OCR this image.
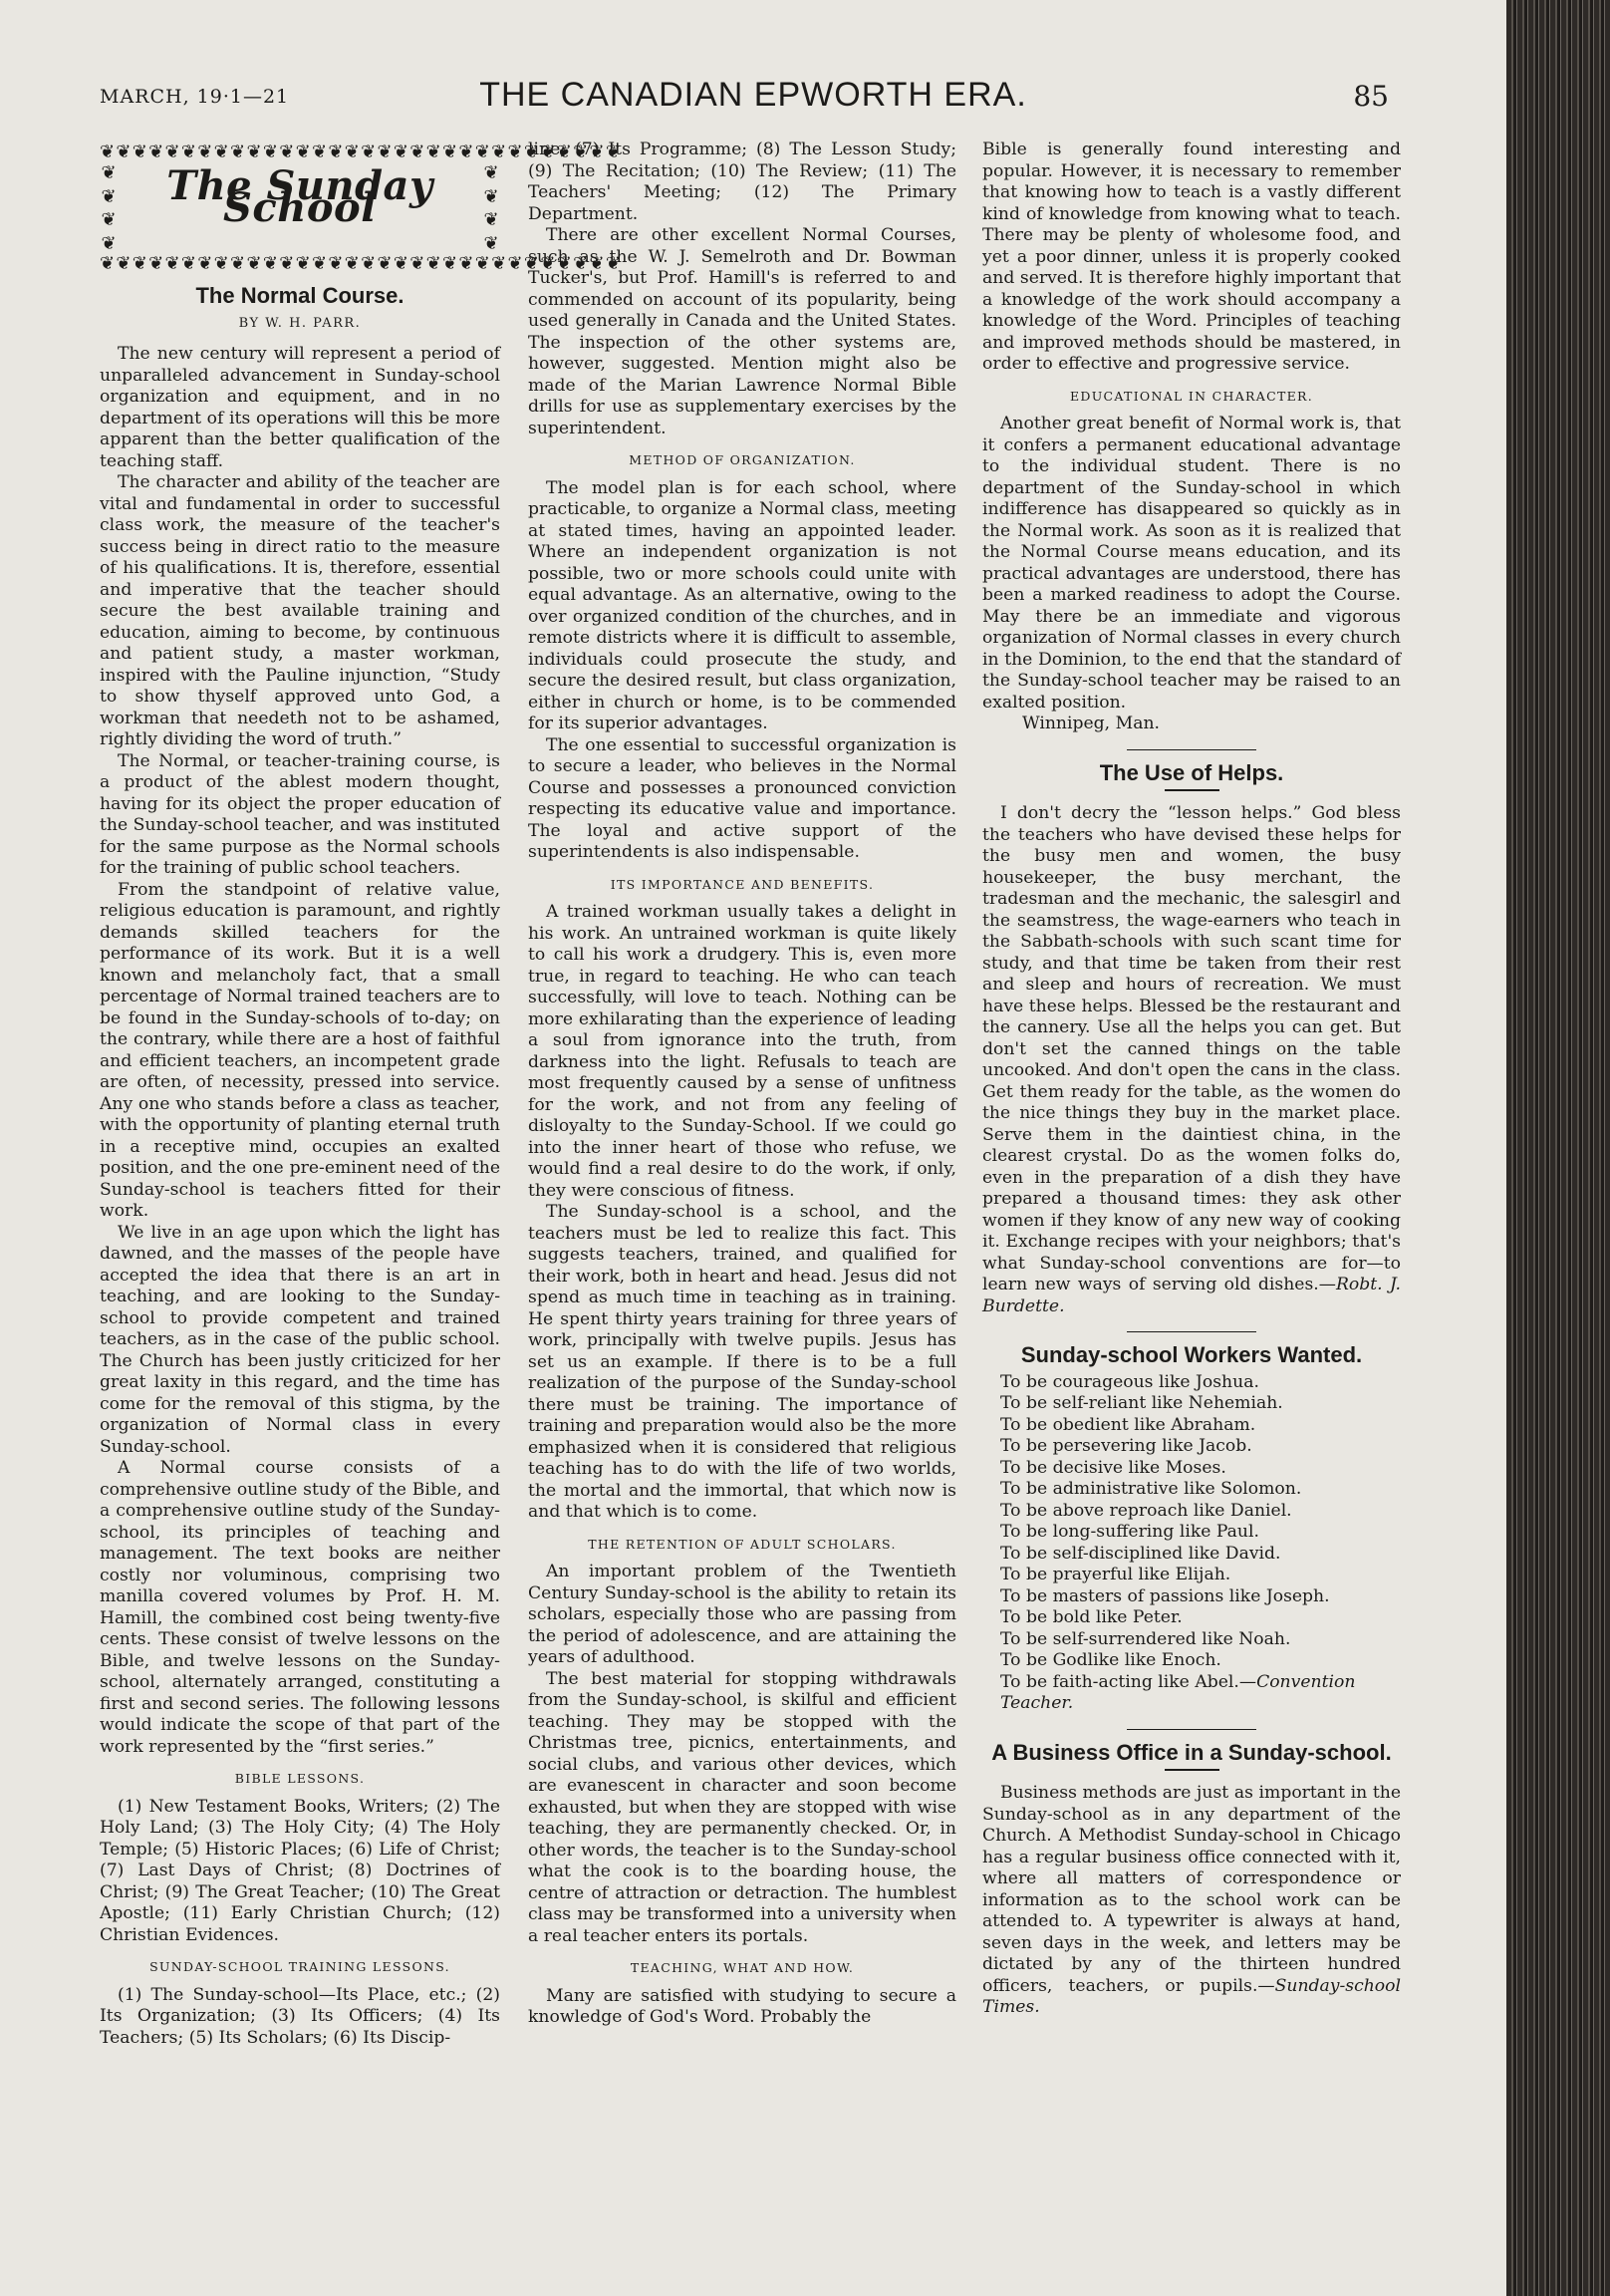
MARCH, 19·1—21	THE CANADIAN EPWORTH ERA.	85
❦❦❦❦❦❦❦❦❦❦❦❦❦❦❦❦❦❦❦❦❦❦❦❦❦❦❦❦❦❦❦❦
❦
❦
❦
❦
The Sunday School
❦
❦
❦
❦
❦❦❦❦❦❦❦❦❦❦❦❦❦❦❦❦❦❦❦❦❦❦❦❦❦❦❦❦❦❦❦❦
The Normal Course.
BY W. H. PARR.

The new century will represent a period of unparalleled advancement in Sunday-school organization and equipment, and in no department of its operations will this be more apparent than the better qualification of the teaching staff.

The character and ability of the teacher are vital and fundamental in order to successful class work, the measure of the teacher's success being in direct ratio to the measure of his qualifications. It is, therefore, essential and imperative that the teacher should secure the best available training and education, aiming to become, by continuous and patient study, a master workman, inspired with the Pauline injunction, “Study to show thyself approved unto God, a workman that needeth not to be ashamed, rightly dividing the word of truth.”

The Normal, or teacher-training course, is a product of the ablest modern thought, having for its object the proper education of the Sunday-school teacher, and was instituted for the same purpose as the Normal schools for the training of public school teachers.

From the standpoint of relative value, religious education is paramount, and rightly demands skilled teachers for the performance of its work. But it is a well known and melancholy fact, that a small percentage of Normal trained teachers are to be found in the Sunday-schools of to-day; on the contrary, while there are a host of faithful and efficient teachers, an incompetent grade are often, of necessity, pressed into service. Any one who stands before a class as teacher, with the opportunity of planting eternal truth in a receptive mind, occupies an exalted position, and the one pre-eminent need of the Sunday-school is teachers fitted for their work.

We live in an age upon which the light has dawned, and the masses of the people have accepted the idea that there is an art in teaching, and are looking to the Sunday-school to provide competent and trained teachers, as in the case of the public school. The Church has been justly criticized for her great laxity in this regard, and the time has come for the removal of this stigma, by the organization of Normal class in every Sunday-school.

A Normal course consists of a comprehensive outline study of the Bible, and a comprehensive outline study of the Sunday-school, its principles of teaching and management. The text books are neither costly nor voluminous, comprising two manilla covered volumes by Prof. H. M. Hamill, the combined cost being twenty-five cents. These consist of twelve lessons on the Bible, and twelve lessons on the Sunday-school, alternately arranged, constituting a first and second series. The following lessons would indicate the scope of that part of the work represented by the “first series.”

BIBLE LESSONS.

(1) New Testament Books, Writers; (2) The Holy Land; (3) The Holy City; (4) The Holy Temple; (5) Historic Places; (6) Life of Christ; (7) Last Days of Christ; (8) Doctrines of Christ; (9) The Great Teacher; (10) The Great Apostle; (11) Early Christian Church; (12) Christian Evidences.

SUNDAY-SCHOOL TRAINING LESSONS.

(1) The Sunday-school—Its Place, etc.; (2) Its Organization; (3) Its Officers; (4) Its Teachers; (5) Its Scholars; (6) Its Discip-

line; (7) Its Programme; (8) The Lesson Study; (9) The Recitation; (10) The Review; (11) The Teachers' Meeting; (12) The Primary Department.

There are other excellent Normal Courses, such as the W. J. Semelroth and Dr. Bowman Tucker's, but Prof. Hamill's is referred to and commended on account of its popularity, being used generally in Canada and the United States. The inspection of the other systems are, however, suggested. Mention might also be made of the Marian Lawrence Normal Bible drills for use as supplementary exercises by the superintendent.

METHOD OF ORGANIZATION.

The model plan is for each school, where practicable, to organize a Normal class, meeting at stated times, having an appointed leader. Where an independent organization is not possible, two or more schools could unite with equal advantage. As an alternative, owing to the over organized condition of the churches, and in remote districts where it is difficult to assemble, individuals could prosecute the study, and secure the desired result, but class organization, either in church or home, is to be commended for its superior advantages.

The one essential to successful organization is to secure a leader, who believes in the Normal Course and possesses a pronounced conviction respecting its educative value and importance. The loyal and active support of the superintendents is also indispensable.

ITS IMPORTANCE AND BENEFITS.

A trained workman usually takes a delight in his work. An untrained workman is quite likely to call his work a drudgery. This is, even more true, in regard to teaching. He who can teach successfully, will love to teach. Nothing can be more exhilarating than the experience of leading a soul from ignorance into the truth, from darkness into the light. Refusals to teach are most frequently caused by a sense of unfitness for the work, and not from any feeling of disloyalty to the Sunday-School. If we could go into the inner heart of those who refuse, we would find a real desire to do the work, if only, they were conscious of fitness.

The Sunday-school is a school, and the teachers must be led to realize this fact. This suggests teachers, trained, and qualified for their work, both in heart and head. Jesus did not spend as much time in teaching as in training. He spent thirty years training for three years of work, principally with twelve pupils. Jesus has set us an example. If there is to be a full realization of the purpose of the Sunday-school there must be training. The importance of training and preparation would also be the more emphasized when it is considered that religious teaching has to do with the life of two worlds, the mortal and the immortal, that which now is and that which is to come.

THE RETENTION OF ADULT SCHOLARS.

An important problem of the Twentieth Century Sunday-school is the ability to retain its scholars, especially those who are passing from the period of adolescence, and are attaining the years of adulthood.

The best material for stopping withdrawals from the Sunday-school, is skilful and efficient teaching. They may be stopped with the Christmas tree, picnics, entertainments, and social clubs, and various other devices, which are evanescent in character and soon become exhausted, but when they are stopped with wise teaching, they are permanently checked. Or, in other words, the teacher is to the Sunday-school what the cook is to the boarding house, the centre of attraction or detraction. The humblest class may be transformed into a university when a real teacher enters its portals.

TEACHING, WHAT AND HOW.

Many are satisfied with studying to secure a knowledge of God's Word. Probably the

Bible is generally found interesting and popular. However, it is necessary to remember that knowing how to teach is a vastly different kind of knowledge from knowing what to teach. There may be plenty of wholesome food, and yet a poor dinner, unless it is properly cooked and served. It is therefore highly important that a knowledge of the work should accompany a knowledge of the Word. Principles of teaching and improved methods should be mastered, in order to effective and progressive service.

EDUCATIONAL IN CHARACTER.

Another great benefit of Normal work is, that it confers a permanent educational advantage to the individual student. There is no department of the Sunday-school in which indifference has disappeared so quickly as in the Normal work. As soon as it is realized that the Normal Course means education, and its practical advantages are understood, there has been a marked readiness to adopt the Course. May there be an immediate and vigorous organization of Normal classes in every church in the Dominion, to the end that the standard of the Sunday-school teacher may be raised to an exalted position.

Winnipeg, Man.

The Use of Helps.

I don't decry the “lesson helps.” God bless the teachers who have devised these helps for the busy men and women, the busy housekeeper, the busy merchant, the tradesman and the mechanic, the salesgirl and the seamstress, the wage-earners who teach in the Sabbath-schools with such scant time for study, and that time be taken from their rest and sleep and hours of recreation. We must have these helps. Blessed be the restaurant and the cannery. Use all the helps you can get. But don't set the canned things on the table uncooked. And don't open the cans in the class. Get them ready for the table, as the women do the nice things they buy in the market place. Serve them in the daintiest china, in the clearest crystal. Do as the women folks do, even in the preparation of a dish they have prepared a thousand times: they ask other women if they know of any new way of cooking it. Exchange recipes with your neighbors; that's what Sunday-school conventions are for—to learn new ways of serving old dishes.—Robt. J. Burdette.

Sunday-school Workers Wanted.

To be courageous like Joshua.

To be self-reliant like Nehemiah.

To be obedient like Abraham.

To be persevering like Jacob.

To be decisive like Moses.

To be administrative like Solomon.

To be above reproach like Daniel.

To be long-suffering like Paul.

To be self-disciplined like David.

To be prayerful like Elijah.

To be masters of passions like Joseph.

To be bold like Peter.

To be self-surrendered like Noah.

To be Godlike like Enoch.

To be faith-acting like Abel.—Convention Teacher.

A Business Office in a Sunday-school.

Business methods are just as important in the Sunday-school as in any department of the Church. A Methodist Sunday-school in Chicago has a regular business office connected with it, where all matters of correspondence or information as to the school work can be attended to. A typewriter is always at hand, seven days in the week, and letters may be dictated by any of the thirteen hundred officers, teachers, or pupils.—Sunday-school Times.
